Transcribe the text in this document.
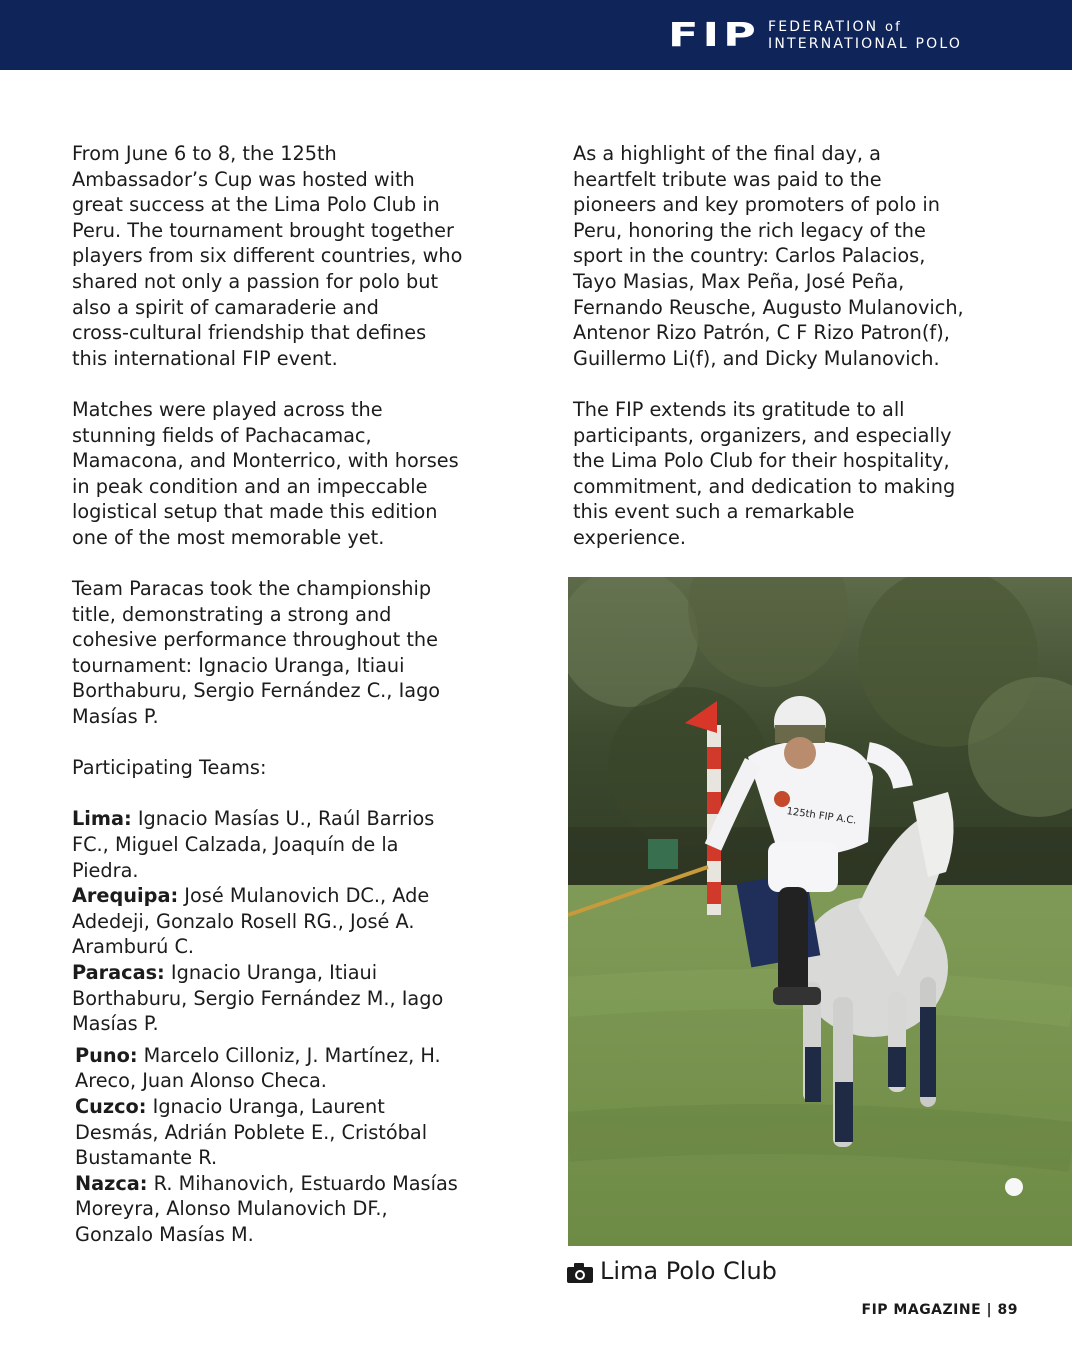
FIP FEDERATION of
INTERNATIONAL POLO

From June 6 to 8, the 125th
Ambassador’s Cup was hosted with
great success at the Lima Polo Club in
Peru. The tournament brought together
players from six different countries, who
shared not only a passion for polo but
also a spirit of camaraderie and
cross-cultural friendship that defines
this international FIP event.

Matches were played across the
stunning fields of Pachacamac,
Mamacona, and Monterrico, with horses
in peak condition and an impeccable
logistical setup that made this edition
one of the most memorable yet.

Team Paracas took the championship
title, demonstrating a strong and
cohesive performance throughout the
tournament: Ignacio Uranga, Itiaui
Borthaburu, Sergio Fernández C., Iago
Masías P.

Participating Teams:

Lima: Ignacio Masías U., Raúl Barrios
FC., Miguel Calzada, Joaquín de la
Piedra.

Arequipa: José Mulanovich DC., Ade
Adedeji, Gonzalo Rosell RG., José A.
Aramburú C.

Paracas: Ignacio Uranga, Itiaui
Borthaburu, Sergio Fernández M., Iago
Masías P.

Puno: Marcelo Cilloniz, J. Martínez, H.
Areco, Juan Alonso Checa.

Cuzco: Ignacio Uranga, Laurent
Desmás, Adrián Poblete E., Cristóbal
Bustamante R.

Nazca: R. Mihanovich, Estuardo Masías
Moreyra, Alonso Mulanovich DF.,
Gonzalo Masías M.

As a highlight of the final day, a
heartfelt tribute was paid to the
pioneers and key promoters of polo in
Peru, honoring the rich legacy of the
sport in the country: Carlos Palacios,
Tayo Masias, Max Peña, José Peña,
Fernando Reusche, Augusto Mulanovich,
Antenor Rizo Patrón, C F Rizo Patron(f),
Guillermo Li(f), and Dicky Mulanovich.

The FIP extends its gratitude to all
participants, organizers, and especially
the Lima Polo Club for their hospitality,
commitment, and dedication to making
this event such a remarkable
experience.

125th FIP A.C.
Lima Polo Club
FIP MAGAZINE | 89
